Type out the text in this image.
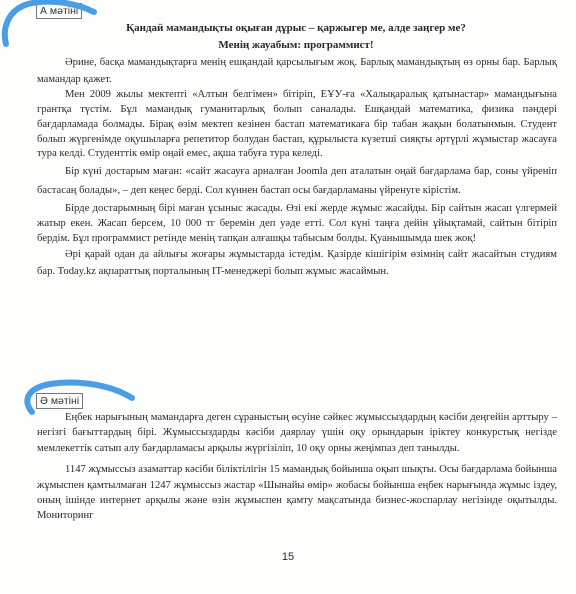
А мәтіні
Қандай мамандықты оқыған дұрыс – қаржыгер ме, алде заңгер ме?
Менің жауабым: программист!

Әрине, басқа мамандықтарға менің ешқандай қарсылығым жоқ. Барлық мамандықтың өз орны бар. Барлық мамандар қажет.

Мен 2009 жылы мектепті «Алтын белгімен» бітіріп, ЕҰУ-ға «Халықаралық қатынастар» мамандығына грантқа түстім. Бұл мамандық гуманитарлық болып саналады. Ешқандай математика, физика пәндері бағдарламада болмады. Бірақ өзім мектеп кезінен бастап математикаға бір табан жақын болатынмын. Студент болып жүргенімде оқушыларға репетитор болудан бастап, құрылыста күзетші сияқты әртүрлі жұмыстар жасауға тура келді. Студенттік өмір оңай емес, ақша табуға тура келеді.

Бір күні достарым маған: «сайт жасауға арналған Joomla деп аталатын оңай бағдарлама бар, соны үйреніп бастасаң болады», – деп кеңес берді. Сол күннен бастап осы бағдарламаны үйренуге кірістім.

Бірде достарымның бірі маған ұсыныс жасады. Өзі екі жерде жұмыс жасайды. Бір сайтын жасап үлгермей жатыр екен. Жасап берсем, 10 000 тг беремін деп уәде етті. Сол күні таңға дейін ұйықтамай, сайтын бітіріп бердім. Бұл программист ретінде менің тапқан алғашқы табысым болды. Қуанышымда шек жоқ!

Әрі қарай одан да айлығы жоғары жұмыстарда істедім. Қазірде кішігірім өзімнің сайт жасайтын студиям бар. Today.kz ақпараттық порталының IT-менеджері болып жұмыс жасаймын.

Ә мәтіні

Еңбек нарығының мамандарға деген сұраныстың өсуіне сәйкес жұмыссыздардың кәсіби деңгейін арттыру – негізгі бағыттардың бірі. Жұмыссыздарды кәсіби даярлау үшін оқу орындарын іріктеу конкурстық негізде мемлекеттік сатып алу бағдарламасы арқылы жүргізіліп, 10 оқу орны жеңімпаз деп танылды.

1147 жұмыссыз азаматтар кәсіби біліктілігін 15 мамандық бойынша оқып шықты. Осы бағдарлама бойынша жұмыспен қамтылмаған 1247 жұмыссыз жастар «Шынайы өмір» жобасы бойынша еңбек нарығында жұмыс іздеу, оның ішінде интернет арқылы және өзін жұмыспен қамту мақсатында бизнес-жоспарлау негізінде оқытылды. Мониторинг

15
